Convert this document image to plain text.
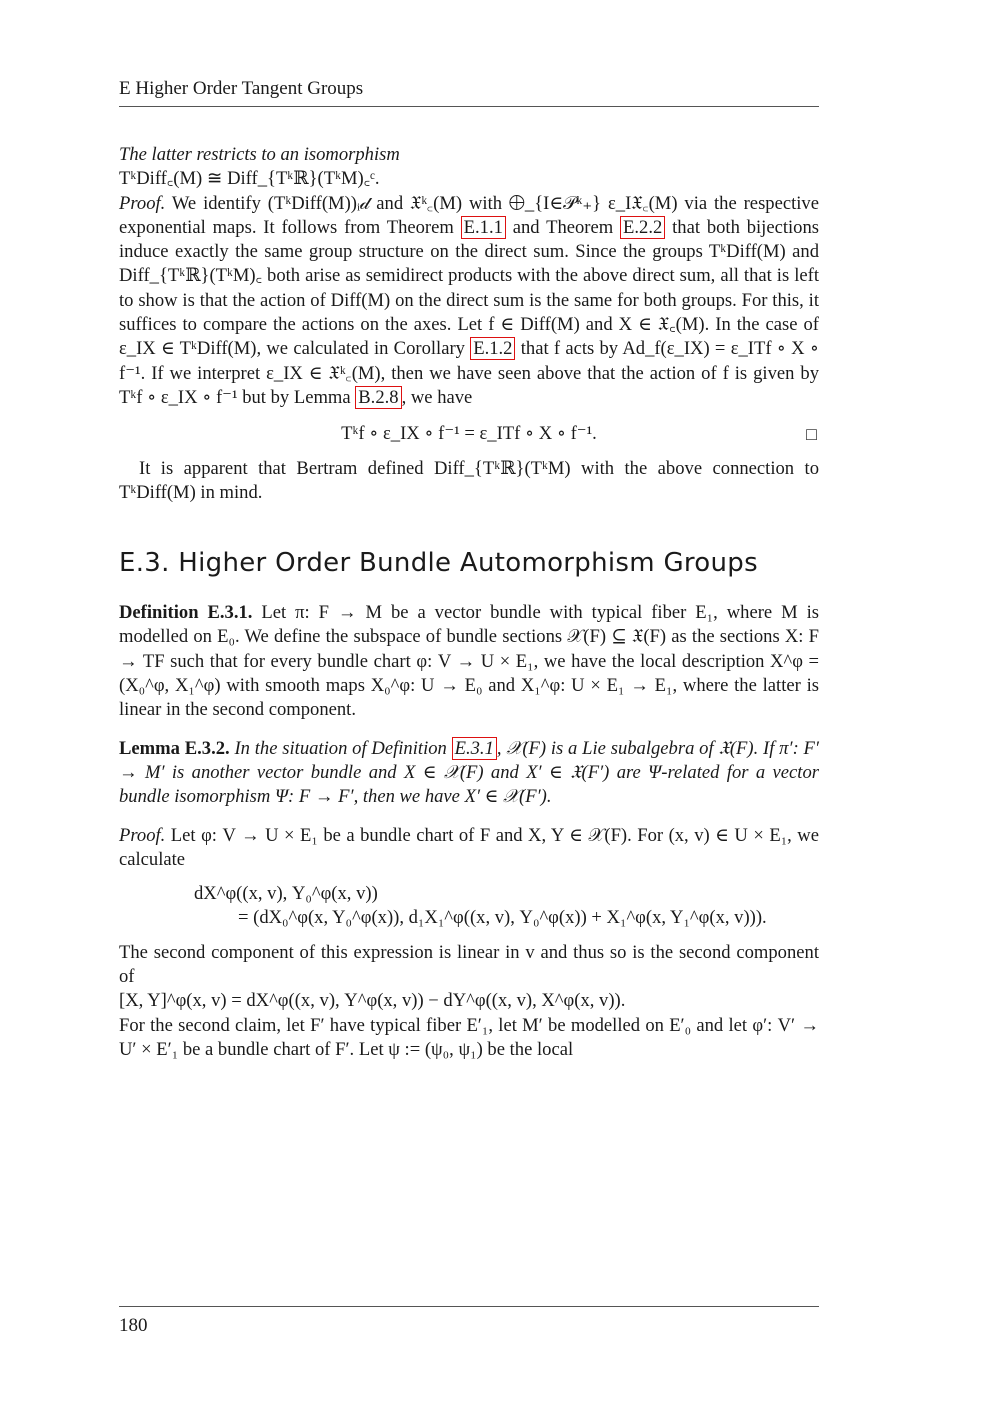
E Higher Order Tangent Groups

The latter restricts to an isomorphism

TᵏDiff꜀(M) ≅ Diff_{Tᵏℝ}(TᵏM)꜀ᶜ.

Proof. We identify (TᵏDiff(M))ᵢ𝒹 and 𝔛ᵏ꜀(M) with ⨁_{I∈𝒫ᵏ₊} ε_I𝔛꜀(M) via the respective exponential maps. It follows from Theorem E.1.1 and Theorem E.2.2 that both bijections induce exactly the same group structure on the direct sum. Since the groups TᵏDiff(M) and Diff_{Tᵏℝ}(TᵏM)꜀ both arise as semidirect products with the above direct sum, all that is left to show is that the action of Diff(M) on the direct sum is the same for both groups. For this, it suffices to compare the actions on the axes. Let f ∈ Diff(M) and X ∈ 𝔛꜀(M). In the case of ε_IX ∈ TᵏDiff(M), we calculated in Corollary E.1.2 that f acts by Ad_f(ε_IX) = ε_ITf ∘ X ∘ f⁻¹. If we interpret ε_IX ∈ 𝔛ᵏ꜀(M), then we have seen above that the action of f is given by Tᵏf ∘ ε_IX ∘ f⁻¹ but by Lemma B.2.8 , we have

Tᵏf ∘ ε_IX ∘ f⁻¹ = ε_ITf ∘ X ∘ f⁻¹.	□

It is apparent that Bertram defined Diff_{Tᵏℝ}(TᵏM) with the above connection to TᵏDiff(M) in mind.

E.3. Higher Order Bundle Automorphism Groups

Definition E.3.1. Let π: F → M be a vector bundle with typical fiber E₁, where M is modelled on E₀. We define the subspace of bundle sections 𝒳(F) ⊆ 𝔛(F) as the sections X: F → TF such that for every bundle chart φ: V → U × E₁, we have the local description X^φ = (X₀^φ, X₁^φ) with smooth maps X₀^φ: U → E₀ and X₁^φ: U × E₁ → E₁, where the latter is linear in the second component.

Lemma E.3.2. In the situation of Definition E.3.1 , 𝒳(F) is a Lie subalgebra of 𝔛(F). If π′: F′ → M′ is another vector bundle and X ∈ 𝒳(F) and X′ ∈ 𝔛(F′) are Ψ-related for a vector bundle isomorphism Ψ: F → F′, then we have X′ ∈ 𝒳(F′).

Proof. Let φ: V → U × E₁ be a bundle chart of F and X, Y ∈ 𝒳(F). For (x, v) ∈ U × E₁, we calculate

dX^φ((x, v), Y₀^φ(x, v))
= (dX₀^φ(x, Y₀^φ(x)), d₁X₁^φ((x, v), Y₀^φ(x)) + X₁^φ(x, Y₁^φ(x, v))).

The second component of this expression is linear in v and thus so is the second component of

[X, Y]^φ(x, v) = dX^φ((x, v), Y^φ(x, v)) − dY^φ((x, v), X^φ(x, v)).

For the second claim, let F′ have typical fiber E′₁, let M′ be modelled on E′₀ and let φ′: V′ → U′ × E′₁ be a bundle chart of F′. Let ψ := (ψ₀, ψ₁) be the local

180
